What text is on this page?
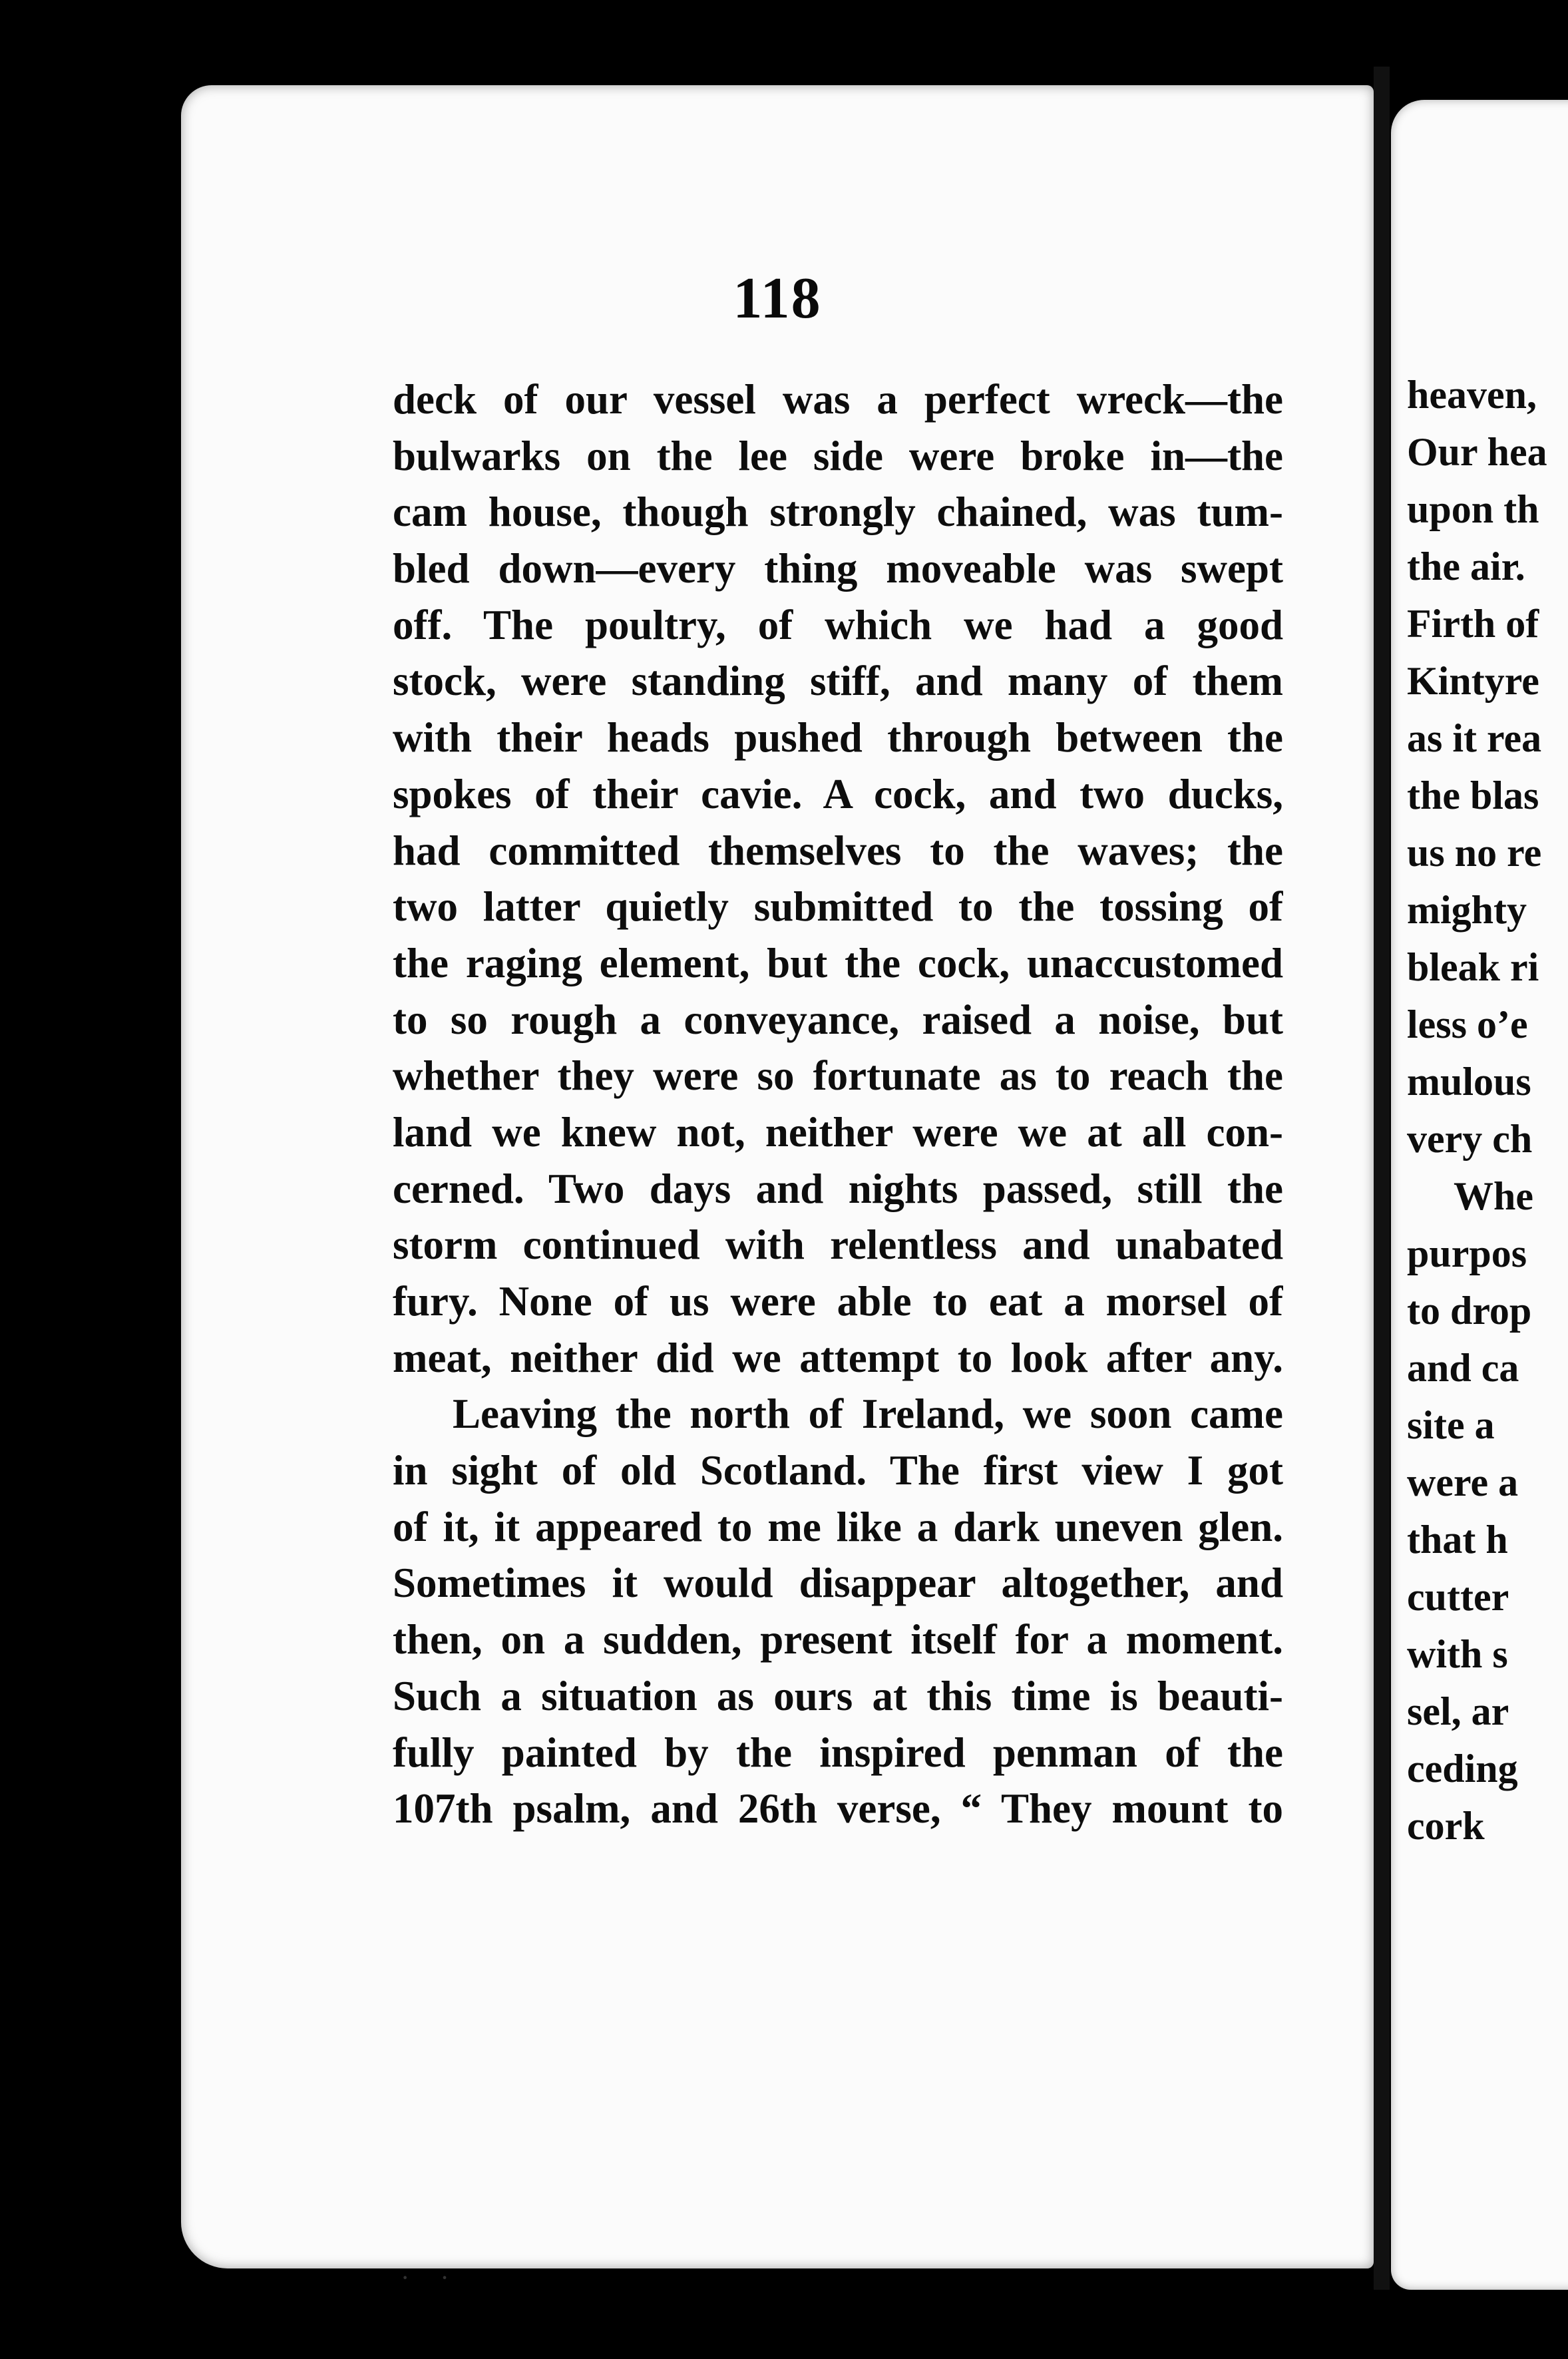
118
deck of our vessel was a perfect wreck—the
bulwarks on the lee side were broke in—the
cam house, though strongly chained, was tum-
bled down—every thing moveable was swept
off. The poultry, of which we had a good
stock, were standing stiff, and many of them
with their heads pushed through between the
spokes of their cavie. A cock, and two ducks,
had committed themselves to the waves; the
two latter quietly submitted to the tossing of
the raging element, but the cock, unaccustomed
to so rough a conveyance, raised a noise, but
whether they were so fortunate as to reach the
land we knew not, neither were we at all con-
cerned. Two days and nights passed, still the
storm continued with relentless and unabated
fury. None of us were able to eat a morsel of
meat, neither did we attempt to look after any.
Leaving the north of Ireland, we soon came
in sight of old Scotland. The first view I got
of it, it appeared to me like a dark uneven glen.
Sometimes it would disappear altogether, and
then, on a sudden, present itself for a moment.
Such a situation as ours at this time is beauti-
fully painted by the inspired penman of the
107th psalm, and 26th verse, “ They mount to
· ·
heaven,
Our hea
upon th
the air.
Firth of
Kintyre
as it rea
the blas
us no re
mighty
bleak ri
less o’e
mulous
very ch
Whe
purpos
to drop
and ca
site a
were a
that h
cutter
with s
sel, ar
ceding
cork
